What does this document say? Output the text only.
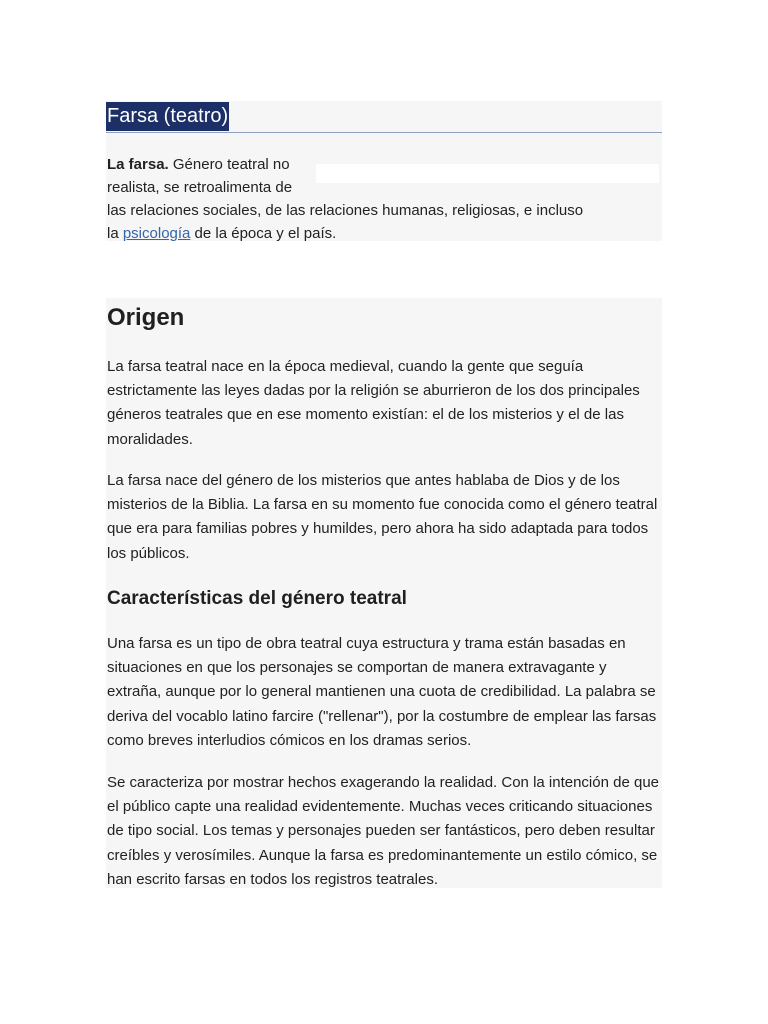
Farsa (teatro)
La farsa. Género teatral no
realista, se retroalimenta de
las relaciones sociales, de las relaciones humanas, religiosas, e incluso
la psicología de la época y el país.
Origen

La farsa teatral nace en la época medieval, cuando la gente que seguía
estrictamente las leyes dadas por la religión se aburrieron de los dos principales
géneros teatrales que en ese momento existían: el de los misterios y el de las
moralidades.

La farsa nace del género de los misterios que antes hablaba de Dios y de los
misterios de la Biblia. La farsa en su momento fue conocida como el género teatral
que era para familias pobres y humildes, pero ahora ha sido adaptada para todos
los públicos.

Características del género teatral

Una farsa es un tipo de obra teatral cuya estructura y trama están basadas en
situaciones en que los personajes se comportan de manera extravagante y
extraña, aunque por lo general mantienen una cuota de credibilidad. La palabra se
deriva del vocablo latino farcire ("rellenar"), por la costumbre de emplear las farsas
como breves interludios cómicos en los dramas serios.

Se caracteriza por mostrar hechos exagerando la realidad. Con la intención de que
el público capte una realidad evidentemente. Muchas veces criticando situaciones
de tipo social. Los temas y personajes pueden ser fantásticos, pero deben resultar
creíbles y verosímiles. Aunque la farsa es predominantemente un estilo cómico, se
han escrito farsas en todos los registros teatrales.
